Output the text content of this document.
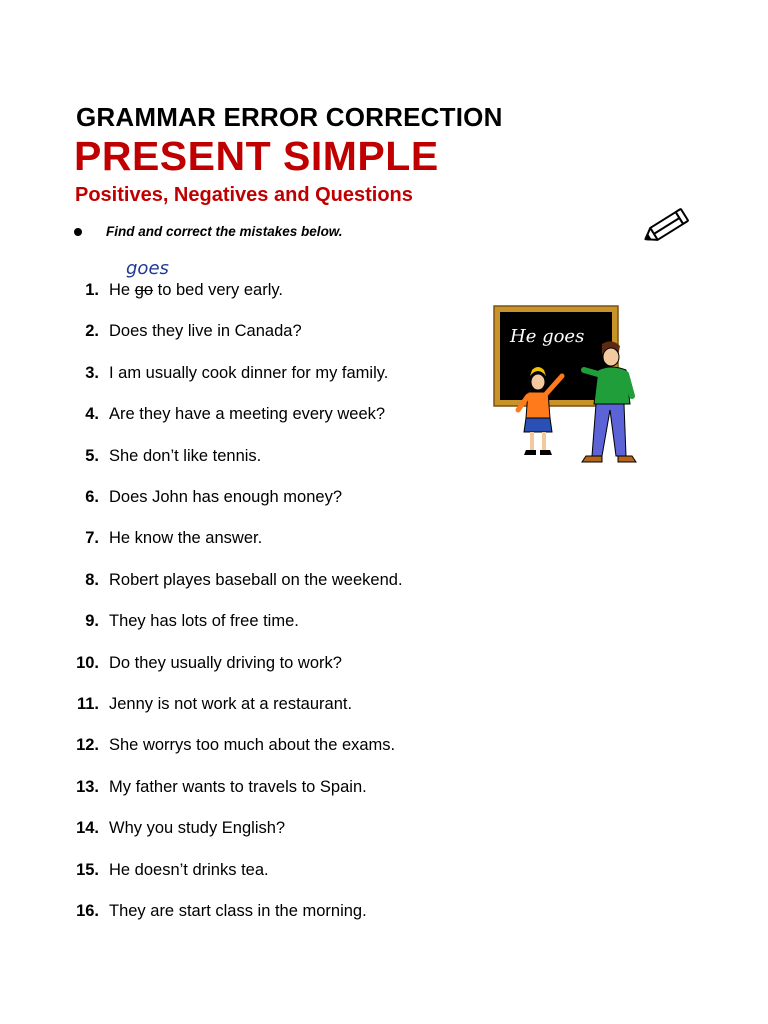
GRAMMAR ERROR CORRECTION
PRESENT SIMPLE
Positives, Negatives and Questions
Find and correct the mistakes below.
goes
1. He go to bed very early.
2. Does they live in Canada?
3. I am usually cook dinner for my family.
4. Are they have a meeting every week?
5. She don’t like tennis.
6. Does John has enough money?
7. He know the answer.
8. Robert playes baseball on the weekend.
9. They has lots of free time.
10. Do they usually driving to work?
11. Jenny is not work at a restaurant.
12. She worrys too much about the exams.
13. My father wants to travels to Spain.
14. Why you study English?
15. He doesn’t drinks tea.
16. They are start class in the morning.
He goes
